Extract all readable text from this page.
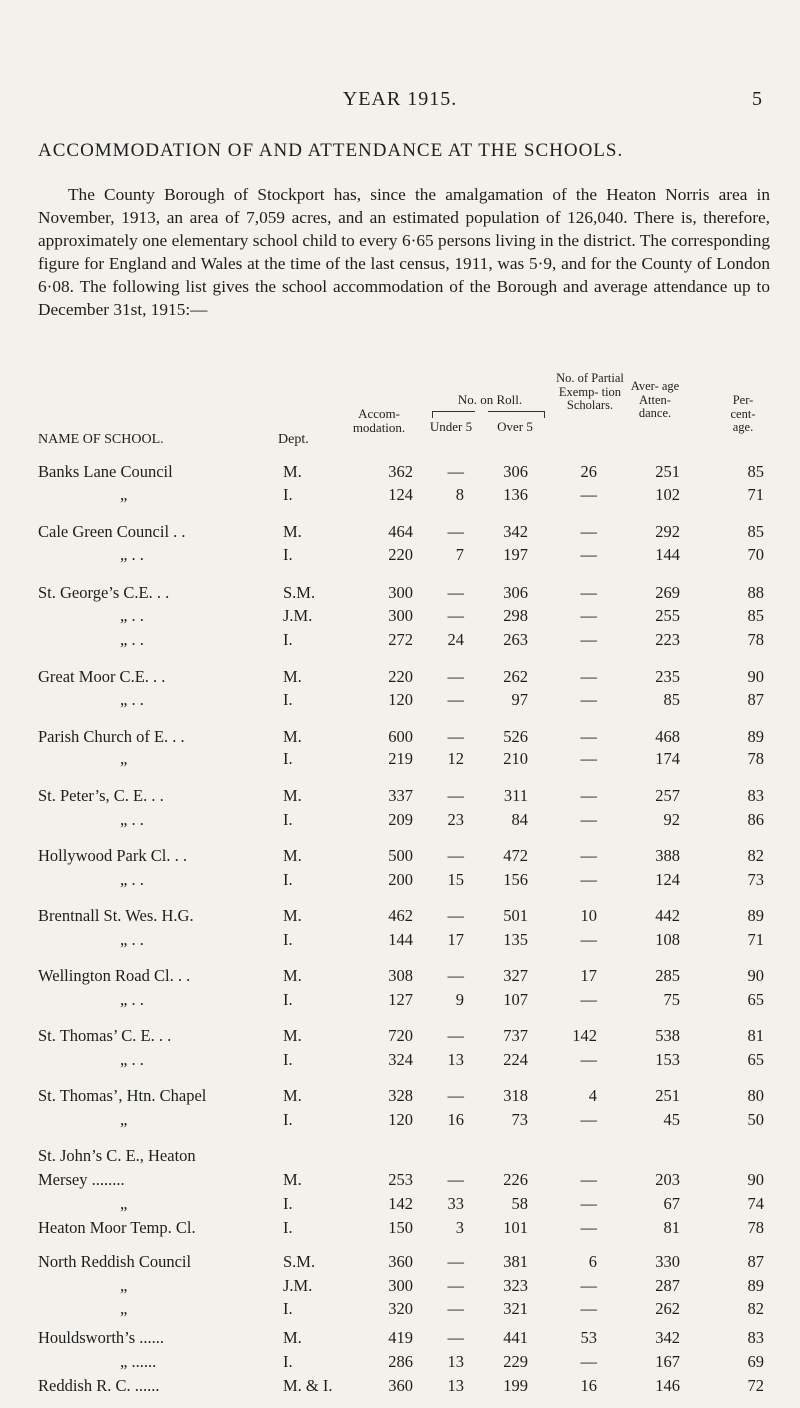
YEAR 1915.	5
ACCOMMODATION OF AND ATTENDANCE AT THE SCHOOLS.

The County Borough of Stockport has, since the amalgamation of the Heaton Norris area in November, 1913, an area of 7,059 acres, and an estimated population of 126,040. There is, therefore, approximately one elementary school child to every 6·65 persons living in the district. The corresponding figure for England and Wales at the time of the last census, 1911, was 5·9, and for the County of London 6·08. The following list gives the school accommodation of the Borough and average attendance up to December 31st, 1915:—

NAME OF SCHOOL.	Dept.
Accom- modation.
No. on Roll.
Under 5	Over 5
No. of Partial Exemp- tion Scholars.
Aver- age Atten- dance.
Per- cent- age.
Banks Lane Council	M.	362	—	306	26	251	85
„	I.	124	8	136	—	102	71
Cale Green Council . .	M.	464	—	342	—	292	85
„ . .	I.	220	7	197	—	144	70
St. George’s C.E. . .	S.M.	300	—	306	—	269	88
„ . .	J.M.	300	—	298	—	255	85
„ . .	I.	272	24	263	—	223	78
Great Moor C.E. . .	M.	220	—	262	—	235	90
„ . .	I.	120	—	97	—	85	87
Parish Church of E. . .	M.	600	—	526	—	468	89
„	I.	219	12	210	—	174	78
St. Peter’s, C. E. . .	M.	337	—	311	—	257	83
„ . .	I.	209	23	84	—	92	86
Hollywood Park Cl. . .	M.	500	—	472	—	388	82
„ . .	I.	200	15	156	—	124	73
Brentnall St. Wes. H.G.	M.	462	—	501	10	442	89
„ . .	I.	144	17	135	—	108	71
Wellington Road Cl. . .	M.	308	—	327	17	285	90
„ . .	I.	127	9	107	—	75	65
St. Thomas’ C. E. . .	M.	720	—	737	142	538	81
„ . .	I.	324	13	224	—	153	65
St. Thomas’, Htn. Chapel	M.	328	—	318	4	251	80
„	I.	120	16	73	—	45	50
St. John’s C. E., Heaton
Mersey ........	M.	253	—	226	—	203	90
„	I.	142	33	58	—	67	74
Heaton Moor Temp. Cl.	I.	150	3	101	—	81	78
North Reddish Council	S.M.	360	—	381	6	330	87
„	J.M.	300	—	323	—	287	89
„	I.	320	—	321	—	262	82
Houldsworth’s ......	M.	419	—	441	53	342	83
„ ......	I.	286	13	229	—	167	69
Reddish R. C. ......	M. & I.	360	13	199	16	146	72
